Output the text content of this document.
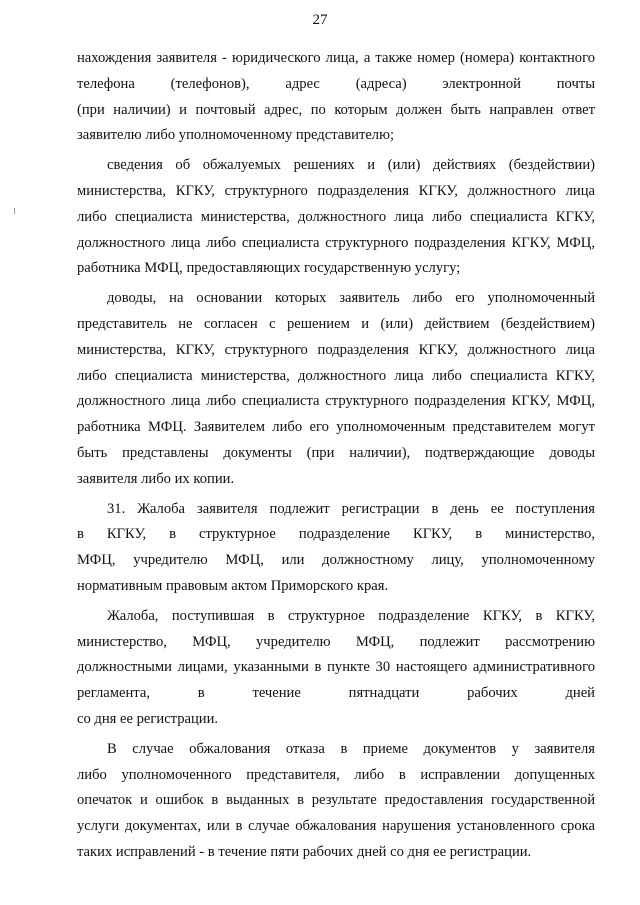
27
нахождения заявителя - юридического лица, а также номер (номера) контактного
телефона (телефонов), адрес (адреса) электронной почты
(при наличии) и почтовый адрес, по которым должен быть направлен ответ
заявителю либо уполномоченному представителю;
сведения об обжалуемых решениях и (или) действиях (бездействии)
министерства, КГКУ, структурного подразделения КГКУ, должностного лица
либо специалиста министерства, должностного лица либо специалиста КГКУ,
должностного лица либо специалиста структурного подразделения КГКУ, МФЦ,
работника МФЦ, предоставляющих государственную услугу;
доводы, на основании которых заявитель либо его уполномоченный
представитель не согласен с решением и (или) действием (бездействием)
министерства, КГКУ, структурного подразделения КГКУ, должностного лица
либо специалиста министерства, должностного лица либо специалиста КГКУ,
должностного лица либо специалиста структурного подразделения КГКУ, МФЦ,
работника МФЦ. Заявителем либо его уполномоченным представителем могут
быть представлены документы (при наличии), подтверждающие доводы
заявителя либо их копии.
31. Жалоба заявителя подлежит регистрации в день ее поступления
в КГКУ, в структурное подразделение КГКУ, в министерство,
МФЦ, учредителю МФЦ, или должностному лицу, уполномоченному
нормативным правовым актом Приморского края.
Жалоба, поступившая в структурное подразделение КГКУ, в КГКУ,
министерство, МФЦ, учредителю МФЦ, подлежит рассмотрению
должностными лицами, указанными в пункте 30 настоящего административного
регламента, в течение пятнадцати рабочих дней
со дня ее регистрации.
В случае обжалования отказа в приеме документов у заявителя
либо уполномоченного представителя, либо в исправлении допущенных
опечаток и ошибок в выданных в результате предоставления государственной
услуги документах, или в случае обжалования нарушения установленного срока
таких исправлений - в течение пяти рабочих дней со дня ее регистрации.
